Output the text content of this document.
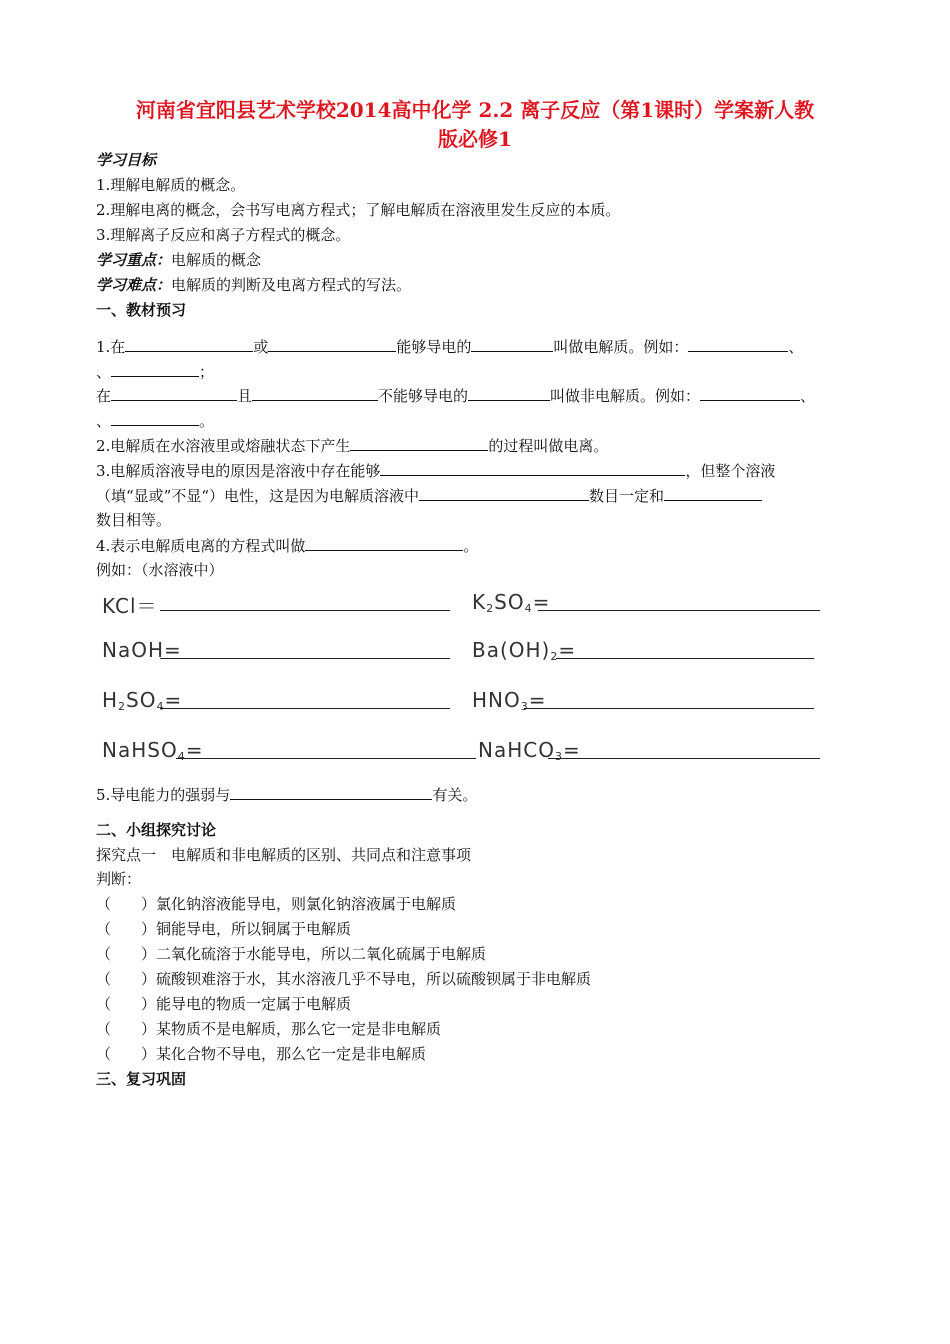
河南省宜阳县艺术学校2014高中化学 2.2 离子反应（第1课时）学案新人教
版必修1
学习目标
1.理解电解质的概念。
2.理解电离的概念，会书写电离方程式；了解电解质在溶液里发生反应的本质。
3.理解离子反应和离子方程式的概念。
学习重点：电解质的概念
学习难点：电解质的判断及电离方程式的写法。
一、教材预习
1.在	或	能够导电的	叫做电解质。例如：	、
、	；
在	且	不能够导电的	叫做非电解质。例如：	、
、	。
2.电解质在水溶液里或熔融状态下产生	的过程叫做电离。
3.电解质溶液导电的原因是溶液中存在能够	，但整个溶液
（填“显或”不显“）电性，这是因为电解质溶液中	数目一定和
数目相等。
4.表示电解质电离的方程式叫做	。
例如：（水溶液中）
KCl＝	$K_2SO_4=$
NaOH=	$Ba(OH)_2=$
$H_2SO_4=$	$HNO_3=$
NaHSO$_4$=	NaHCO$_3$=
5.导电能力的强弱与	有关。
二、小组探究讨论
探究点一　电解质和非电解质的区别、共同点和注意事项
判断：
（　　）氯化钠溶液能导电，则氯化钠溶液属于电解质
（　　）铜能导电，所以铜属于电解质
（　　）二氧化硫溶于水能导电，所以二氧化硫属于电解质
（　　）硫酸钡难溶于水，其水溶液几乎不导电，所以硫酸钡属于非电解质
（　　）能导电的物质一定属于电解质
（　　）某物质不是电解质，那么它一定是非电解质
（　　）某化合物不导电，那么它一定是非电解质
三、复习巩固
